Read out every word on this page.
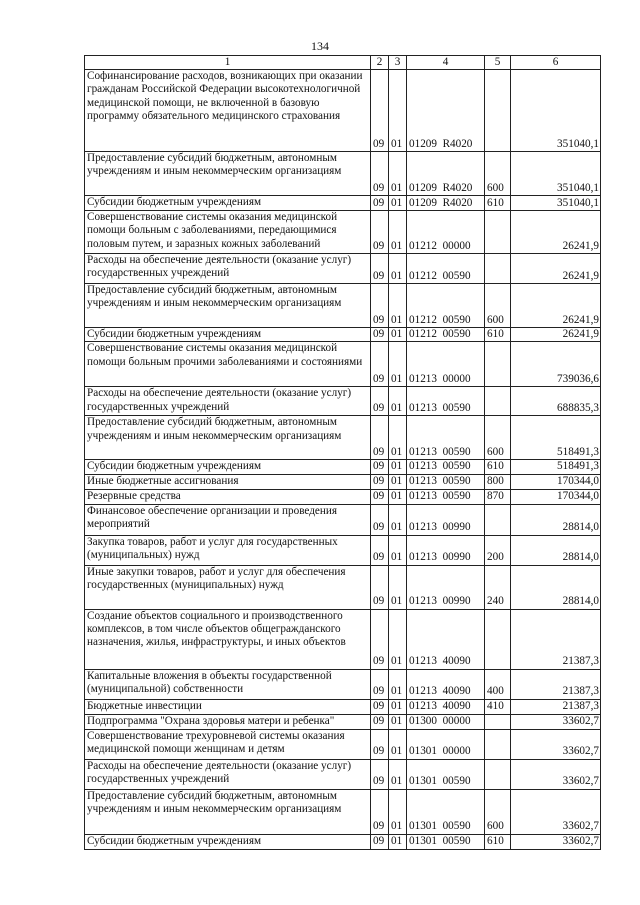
134
1	2	3	4	5	6
Софинансирование расходов, возникающих при оказании гражданам Российской Федерации высокотехнологичной медицинской помощи, не включенной в базовую программу обязательного медицинского страхования	09	01	01209  R4020		351040,1
Предоставление субсидий бюджетным, автономным учреждениям и иным некоммерческим организациям	09	01	01209  R4020	600	351040,1
Субсидии бюджетным учреждениям	09	01	01209  R4020	610	351040,1
Совершенствование системы оказания медицинской помощи больным с заболеваниями, передающимися половым путем, и заразных кожных заболеваний	09	01	01212  00000		26241,9
Расходы на обеспечение деятельности (оказание услуг) государственных учреждений	09	01	01212  00590		26241,9
Предоставление субсидий бюджетным, автономным учреждениям и иным некоммерческим организациям	09	01	01212  00590	600	26241,9
Субсидии бюджетным учреждениям	09	01	01212  00590	610	26241,9
Совершенствование системы оказания медицинской помощи больным прочими заболеваниями и состояниями	09	01	01213  00000		739036,6
Расходы на обеспечение деятельности (оказание услуг) государственных учреждений	09	01	01213  00590		688835,3
Предоставление субсидий бюджетным, автономным учреждениям и иным некоммерческим организациям	09	01	01213  00590	600	518491,3
Субсидии бюджетным учреждениям	09	01	01213  00590	610	518491,3
Иные бюджетные ассигнования	09	01	01213  00590	800	170344,0
Резервные средства	09	01	01213  00590	870	170344,0
Финансовое обеспечение организации и проведения мероприятий	09	01	01213  00990		28814,0
Закупка товаров, работ и услуг для государственных (муниципальных) нужд	09	01	01213  00990	200	28814,0
Иные закупки товаров, работ и услуг для обеспечения государственных (муниципальных) нужд	09	01	01213  00990	240	28814,0
Создание объектов социального и производственного комплексов, в том числе объектов общегражданского назначения, жилья, инфраструктуры, и иных объектов	09	01	01213  40090		21387,3
Капитальные вложения в объекты государственной (муниципальной) собственности	09	01	01213  40090	400	21387,3
Бюджетные инвестиции	09	01	01213  40090	410	21387,3
Подпрограмма "Охрана здоровья матери и ребенка"	09	01	01300  00000		33602,7
Совершенствование трехуровневой системы оказания медицинской помощи женщинам и детям	09	01	01301  00000		33602,7
Расходы на обеспечение деятельности (оказание услуг) государственных учреждений	09	01	01301  00590		33602,7
Предоставление субсидий бюджетным, автономным учреждениям и иным некоммерческим организациям	09	01	01301  00590	600	33602,7
Субсидии бюджетным учреждениям	09	01	01301  00590	610	33602,7
